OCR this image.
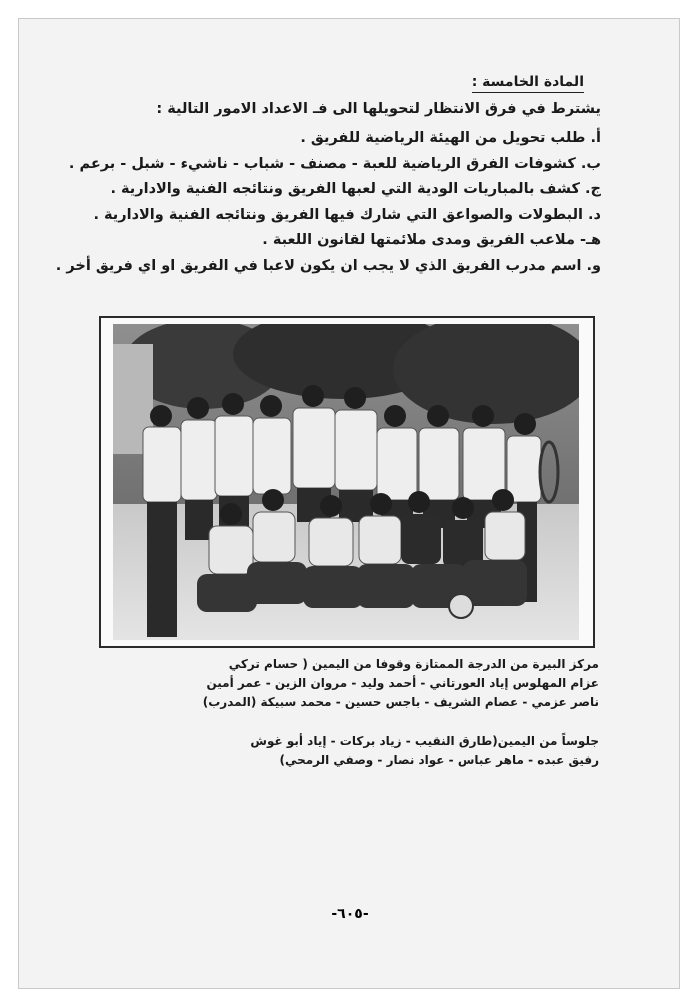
المادة الخامسة :
يشترط في فرق الانتظار لتحويلها الى فـ الاعداد الامور التالية :
أ. طلب تحويل من الهيئة الرياضية للفريق .
ب. كشوفات الفرق الرياضية للعبة - مصنف - شباب - ناشيء - شبل - برعم .
ج. كشف بالمباريات الودية التي لعبها الفريق ونتائجه الفنية والادارية .
د. البطولات والصواعق التي شارك فيها الفريق ونتائجه الفنية والادارية .
هـ- ملاعب الفريق ومدى ملائمتها لقانون اللعبة .
و. اسم مدرب الفريق الذي لا يجب ان يكون لاعبا في الفريق او اي فريق أخر .
مركز البيرة من الدرجة الممتازة وقوفا من اليمين ( حسام تركي
عزام المهلوس إياد العورتاني - أحمد وليد - مروان الزين - عمر أمين
ناصر عزمي - عصام الشريف - باجس حسين - محمد سبيكة (المدرب)
جلوساً من اليمين(طارق النقيب - زياد بركات - إياد أبو غوش
رفيق عبده - ماهر عباس - عواد نصار - وصفي الرمحي)
-٦٠٥-
